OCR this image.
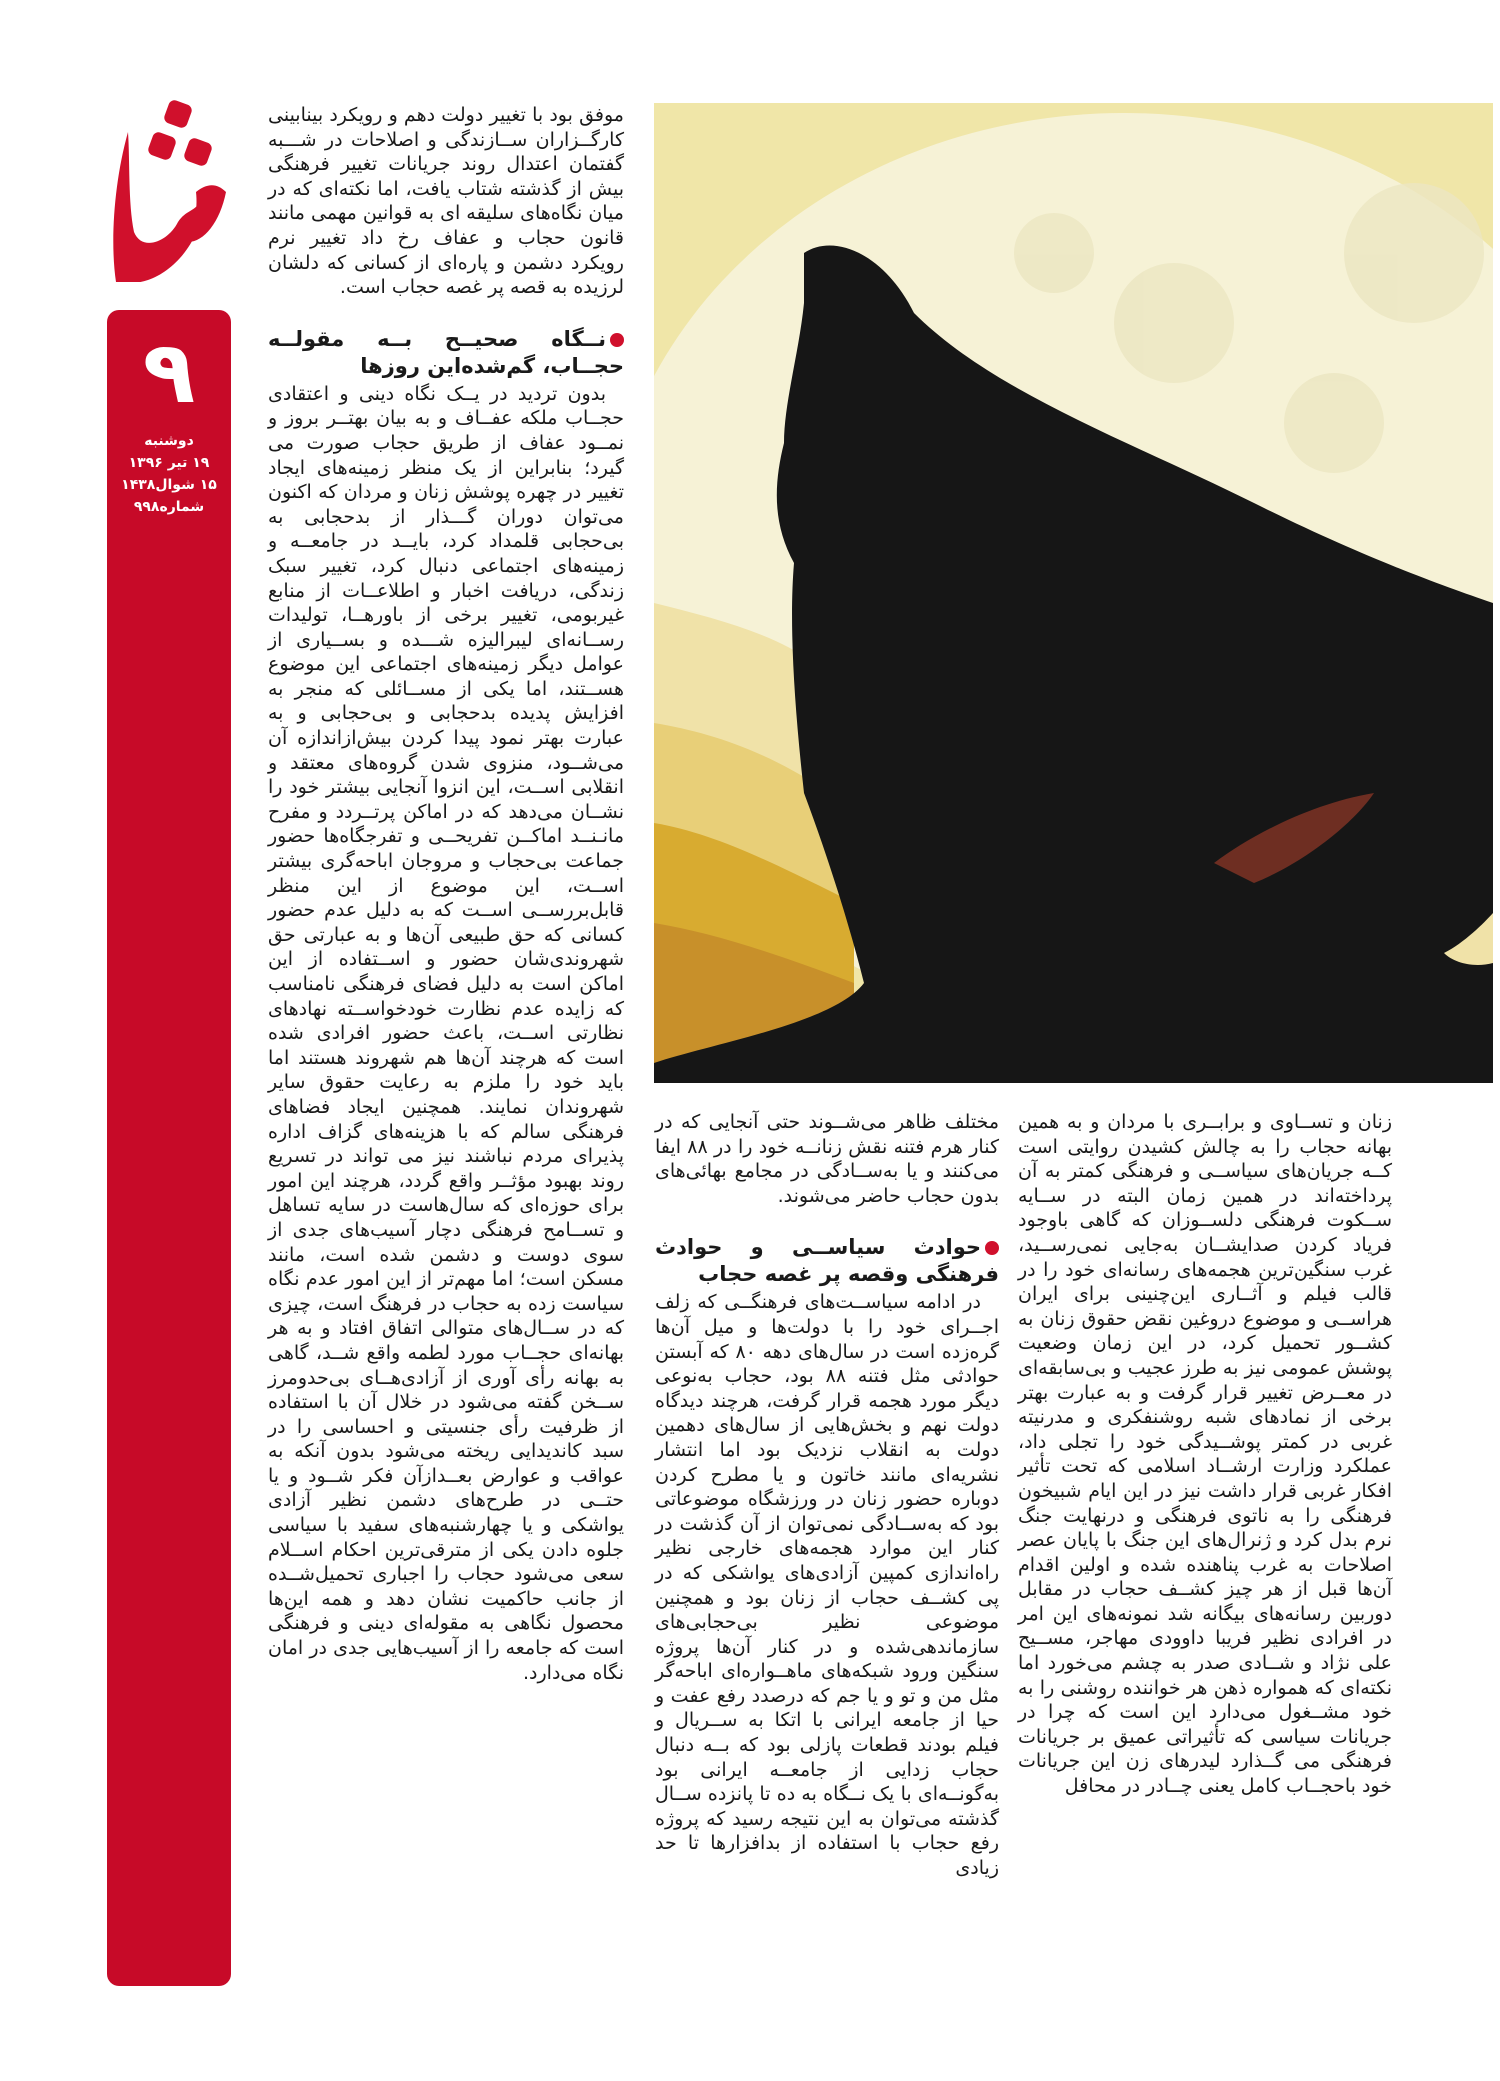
۹
دوشنبه
۱۹ تیر ۱۳۹۶
۱۵ شوال۱۴۳۸
شماره۹۹۸

موفق بود با تغییر دولت دهم و رویکرد بینابینی کارگــزاران ســازندگی و اصلاحات در شـــبه گفتمان اعتدال روند جریانات تغییر فرهنگی بیش از گذشته شتاب یافت، اما نکته‌ای که در میان نگاه‌های سلیقه ای به قوانین مهمی مانند قانون حجاب و عفاف رخ داد تغییر نرم رویکرد دشمن و پاره‌ای از کسانی که دلشان لرزیده به قصه پر غصه حجاب است.

نــگاه صحیــح بــه مقولــه حجــاب، گم‌شده‌این روزها

بدون تردید در یــک نگاه دینی و اعتقادی حجــاب ملکه عفــاف و به بیان بهتــر بروز و نمــود عفاف از طریق حجاب صورت می گیرد؛ بنابراین از یک منظر زمینه‌های ایجاد تغییر در چهره پوشش زنان و مردان که اکنون می‌توان دوران گـــذار از بدحجابی به بی‌حجابی قلمداد کرد، بایــد در جامعــه و زمینه‌های اجتماعی دنبال کرد، تغییر سبک زندگی، دریافت اخبار و اطلاعــات از منابع غیربومی، تغییر برخی از باورهــا، تولیدات رســانه‌ای لیبرالیزه شـــده و بســیاری از عوامل دیگر زمینه‌های اجتماعی این موضوع هســتند، اما یکی از مســائلی که منجر به افزایش پدیده بدحجابی و بی‌حجابی و به عبارت بهتر نمود پیدا کردن بیش‌ازاندازه آن می‌شــود، منزوی شدن گروه‌های معتقد و انقلابی اســت، این انزوا آنجایی بیشتر خود را نشــان می‌دهد که در اماکن پرتــردد و مفرح مانـنــد اماکــن تفریحــی و تفرجگاه‌ها حضور جماعت بی‌حجاب و مروجان اباحه‌گری بیشتر اســت، این موضوع از این منظر قابل‌بررســی اســت که به دلیل عدم حضور کسانی که حق طبیعی آن‌ها و به عبارتی حق شهروندی‌شان حضور و اســتفاده از این اماکن است به دلیل فضای فرهنگی نامناسب که زایده عدم نظارت خودخواســته نهادهای نظارتی اســت، باعث حضور افرادی شده است که هرچند آن‌ها هم شهروند هستند اما باید خود را ملزم به رعایت حقوق سایر شهروندان نمایند. همچنین ایجاد فضاهای فرهنگی سالم که با هزینه‌های گزاف اداره پذیرای مردم نباشند نیز می تواند در تسریع روند بهبود مؤثــر واقع گردد، هرچند این امور برای حوزه‌ای که سال‌هاست در سایه تساهل و تســامح فرهنگی دچار آسیب‌های جدی از سوی دوست و دشمن شده است، مانند مسکن است؛ اما مهم‌تر از این امور عدم نگاه سیاست زده به حجاب در فرهنگ است، چیزی که در ســال‌های متوالی اتفاق افتاد و به هر بهانه‌ای حجــاب مورد لطمه واقع شــد، گاهی به بهانه رأی آوری از آزادی‌هــای بی‌حدومرز ســخن گفته می‌شود در خلال آن با استفاده از ظرفیت رأی جنسیتی و احساسی را در سبد کاندیدایی ریخته می‌شود بدون آنکه به عواقب و عوارض بعــدازآن فکر شــود و یا حتــی در طرح‌های دشمن نظیر آزادی یواشکی و یا چهارشنبه‌های سفید با سیاسی جلوه دادن یکی از مترقی‌ترین احکام اســلام سعی می‌شود حجاب را اجباری تحمیل‌شــده از جانب حاکمیت نشان دهد و همه این‌ها محصول نگاهی به مقوله‌ای دینی و فرهنگی است که جامعه را از آسیب‌هایی جدی در امان نگاه می‌دارد.

زنان و تســاوی و برابــری با مردان و به همین بهانه حجاب را به چالش کشیدن روایتی است کــه جریان‌های سیاســی و فرهنگی کمتر به آن پرداخته‌اند در همین زمان البته در ســایه ســکوت فرهنگی دلســوزان که گاهی باوجود فریاد کردن صدایشــان به‌جایی نمی‌رســید، غرب سنگین‌ترین هجمه‌های رسانه‌ای خود را در قالب فیلم و آثــاری این‌چنینی برای ایران هراســی و موضوع دروغین نقض حقوق زنان به کشــور تحمیل کرد، در این زمان وضعیت پوشش عمومی نیز به طرز عجیب و بی‌سابقه‌ای در معــرض تغییر قرار گرفت و به عبارت بهتر برخی از نمادهای شبه روشنفکری و مدرنیته غربی در کمتر پوشــیدگی خود را تجلی داد، عملکرد وزارت ارشــاد اسلامی که تحت تأثیر افکار غربی قرار داشت نیز در این ایام شبیخون فرهنگی را به ناتوی فرهنگی و درنهایت جنگ نرم بدل کرد و ژنرال‌های این جنگ با پایان عصر اصلاحات به غرب پناهنده شده و اولین اقدام آن‌ها قبل از هر چیز کشــف حجاب در مقابل دوربین رسانه‌های بیگانه شد نمونه‌های این امر در افرادی نظیر فریبا داوودی مهاجر، مســیح علی نژاد و شــادی صدر به چشم می‌خورد اما نکته‌ای که همواره ذهن هر خواننده روشنی را به خود مشــغول می‌دارد این است که چرا در جریانات سیاسی که تأثیراتی عمیق بر جریانات فرهنگی می گــذارد لیدرهای زن این جریانات خود باحجــاب کامل یعنی چــادر در محافل

مختلف ظاهر می‌شــوند حتی آنجایی که در کنار هرم فتنه نقش زنانــه خود را در ۸۸ ایفا می‌کنند و یا به‌ســادگی در مجامع بهائی‌های بدون حجاب حاضر می‌شوند.

حوادث سیاســی و حوادث فرهنگی وقصه پر غصه حجاب

در ادامه سیاســت‌های فرهنگــی که زلف اجــرای خود را با دولت‌ها و میل آن‌ها گره‌زده است در سال‌های دهه ۸۰ که آبستن حوادثی مثل فتنه ۸۸ بود، حجاب به‌نوعی دیگر مورد هجمه قرار گرفت، هرچند دیدگاه دولت نهم و بخش‌هایی از سال‌های دهمین دولت به انقلاب نزدیک بود اما انتشار نشریه‌ای مانند خاتون و یا مطرح کردن دوباره حضور زنان در ورزشگاه موضوعاتی بود که به‌ســادگی نمی‌توان از آن گذشت در کنار این موارد هجمه‌های خارجی نظیر راه‌اندازی کمپین آزادی‌های یواشکی که در پی کشــف حجاب از زنان بود و همچنین موضوعی نظیر بی‌حجابی‌های سازماندهی‌شده و در کنار آن‌ها پروژه سنگین ورود شبکه‌های ماهــواره‌ای اباحه‌گر مثل من و تو و یا جم که درصدد رفع عفت و حیا از جامعه ایرانی با اتکا به ســریال و فیلم بودند قطعات پازلی بود که بــه دنبال حجاب زدایی از جامعــه ایرانی بود به‌گونــه‌ای با یک نــگاه به ده تا پانزده ســال گذشته می‌توان به این نتیجه رسید که پروژه رفع حجاب با استفاده از بدافزارها تا حد زیادی
